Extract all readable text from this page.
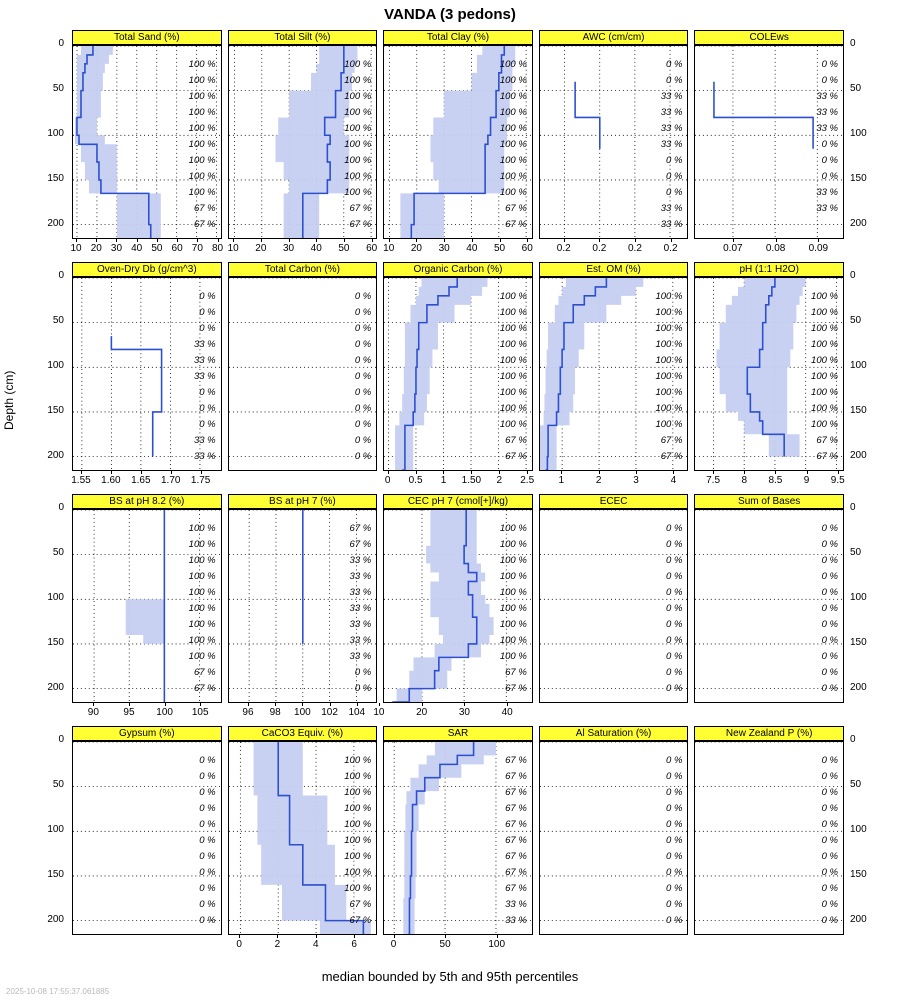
VANDA (3 pedons)
Depth (cm)
Total Sand (%)
10 20 30 40 50 60 70 80
Total Silt (%)
10 20 30 40 50 60
Total Clay (%)
10 20 30 40 50 60
AWC (cm/cm)
0.2 0.2 0.2 0.2
COLEws
0.07 0.08 0.09
Oven-Dry Db (g/cm^3)
1.55 1.60 1.65 1.70 1.75
Total Carbon (%)	Organic Carbon (%)
0 0.5 1 1.50 2 2.5
Est. OM (%)
1	2	3	4
pH (1:1 H2O)
7.5 8 8.5 9 9.5
BS at pH 8.2 (%)
90 95 100 105
BS at pH 7 (%)
96 98 100 102 104
CEC pH 7 (cmol[+]/kg)
10	20	30	40
ECEC	Sum of Bases
Gypsum (%)	CaCO3 Equiv. (%)
0	2	4	6
SAR
0	50	100
Al Saturation (%)	New Zealand P (%)
0
50
100
150
200
0
50
100
150
200
0
50
100
150
200
0
50
100
150
200
0
50
100
150
200
0
50
100
150
200
0
50
100
150
200
0
50
100
150
200
median bounded by 5th and 95th percentiles
2025-10-08 17:55:37.061885
